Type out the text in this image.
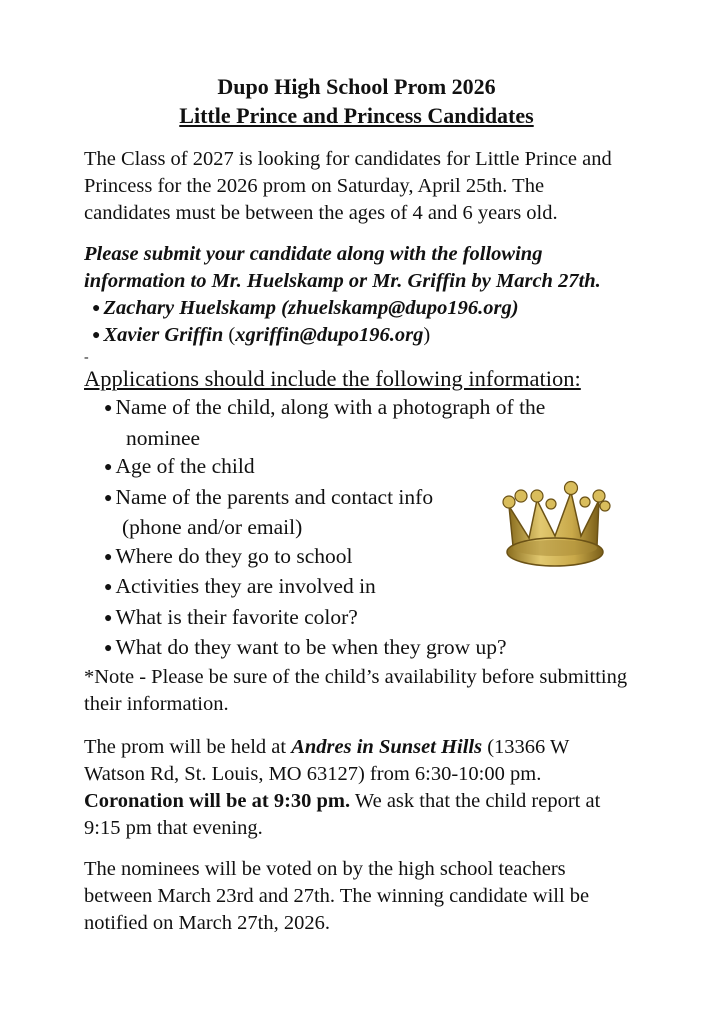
Dupo High School Prom 2026
Little Prince and Princess Candidates

The Class of 2027 is looking for candidates for Little Prince and Princess for the 2026 prom on Saturday, April 25th. The candidates must be between the ages of 4 and 6 years old.

Please submit your candidate along with the following information to Mr. Huelskamp or Mr. Griffin by March 27th.

● Zachary Huelskamp (zhuelskamp@dupo196.org)
● Xavier Griffin (xgriffin@dupo196.org)
-
Applications should include the following information:
● Name of the child, along with a photograph of the
nominee
● Age of the child
● Name of the parents and contact info
(phone and/or email)
● Where do they go to school
● Activities they are involved in
● What is their favorite color?
● What do they want to be when they grow up?

*Note - Please be sure of the child’s availability before submitting their information.

The prom will be held at Andres in Sunset Hills (13366 W Watson Rd, St. Louis, MO 63127) from 6:30-10:00 pm. Coronation will be at 9:30 pm. We ask that the child report at 9:15 pm that evening.

The nominees will be voted on by the high school teachers between March 23rd and 27th. The winning candidate will be notified on March 27th, 2026.
